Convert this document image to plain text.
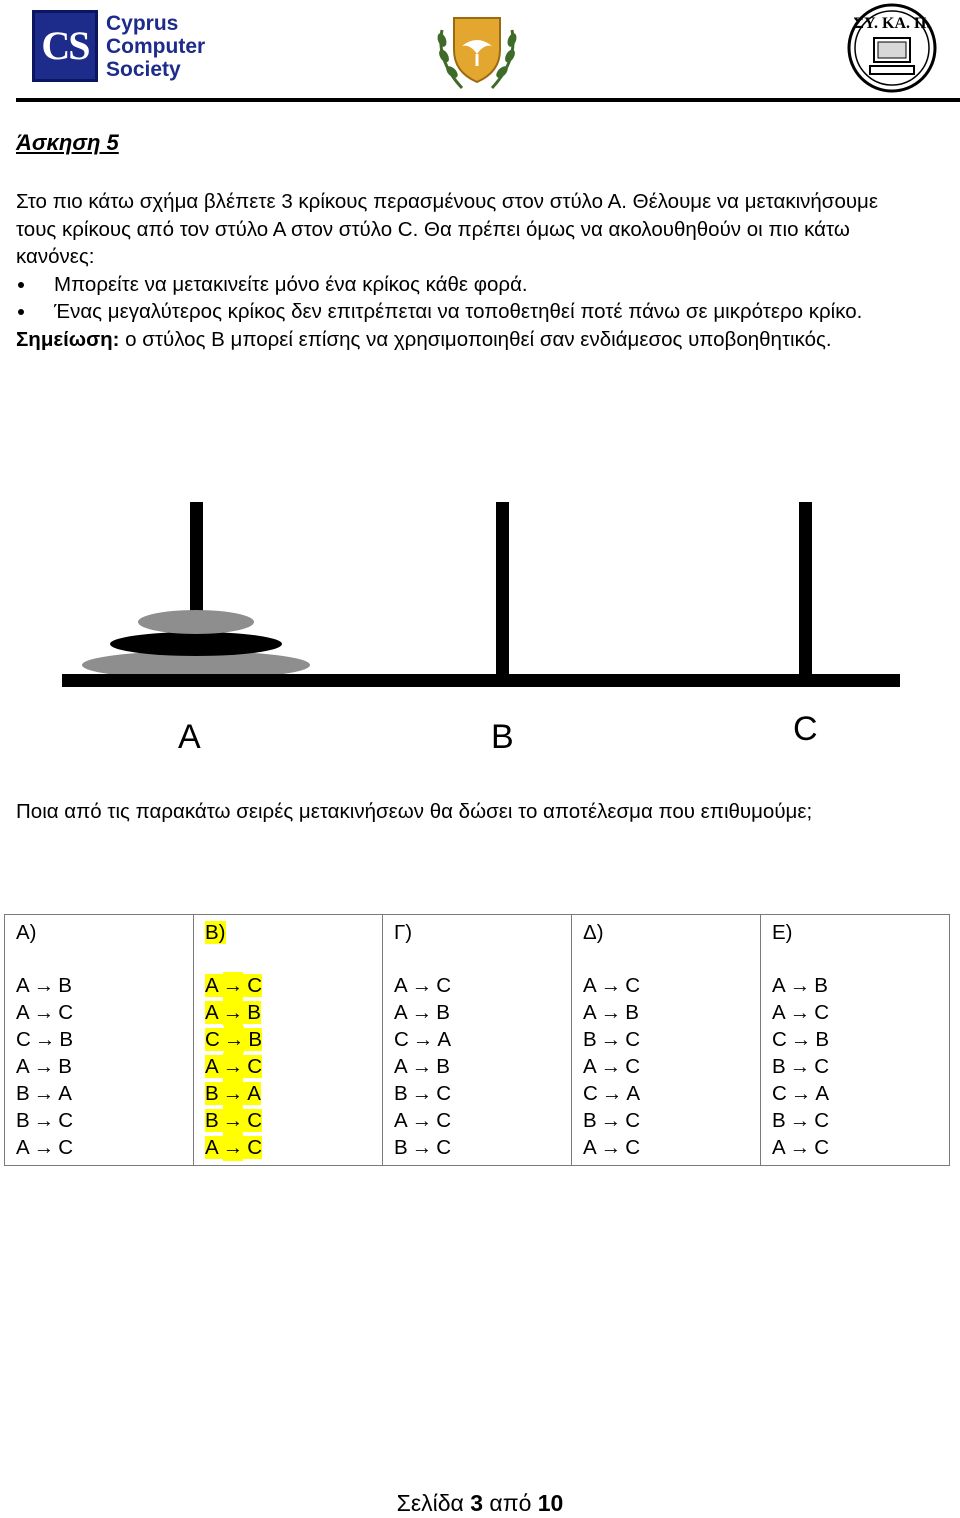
CS Cyprus
Computer
Society
ΣΥ. ΚΑ. Π.
Άσκηση 5

Στο πιο κάτω σχήμα βλέπετε 3 κρίκους περασμένους στον στύλο Α. Θέλουμε να μετακινήσουμε τους κρίκους από τον στύλο Α στον στύλο C. Θα πρέπει όμως να ακολουθηθούν οι πιο κάτω κανόνες:

Μπορείτε να μετακινείτε μόνο ένα κρίκος κάθε φορά.
Ένας μεγαλύτερος κρίκος δεν επιτρέπεται να τοποθετηθεί ποτέ πάνω σε μικρότερο κρίκο.

Σημείωση: ο στύλος Β μπορεί επίσης να χρησιμοποιηθεί σαν ενδιάμεσος υποβοηθητικός.

A	B	C

Ποια από τις παρακάτω σειρές μετακινήσεων θα δώσει το αποτέλεσμα που επιθυμούμε;

Α)
A → B
A → C
C → B
A → B
B → A
B → C
A → C

Β)
A → C
A → B
C → B
A → C
B → A
B → C
A → C

Γ)
A → C
A → B
C → A
A → B
B → C
A → C
B → C

Δ)
A → C
A → B
B → C
A → C
C → A
B → C
A → C

Ε)
A → B
A → C
C → B
B → C
C → A
B → C
A → C
Σελίδα 3 από 10
